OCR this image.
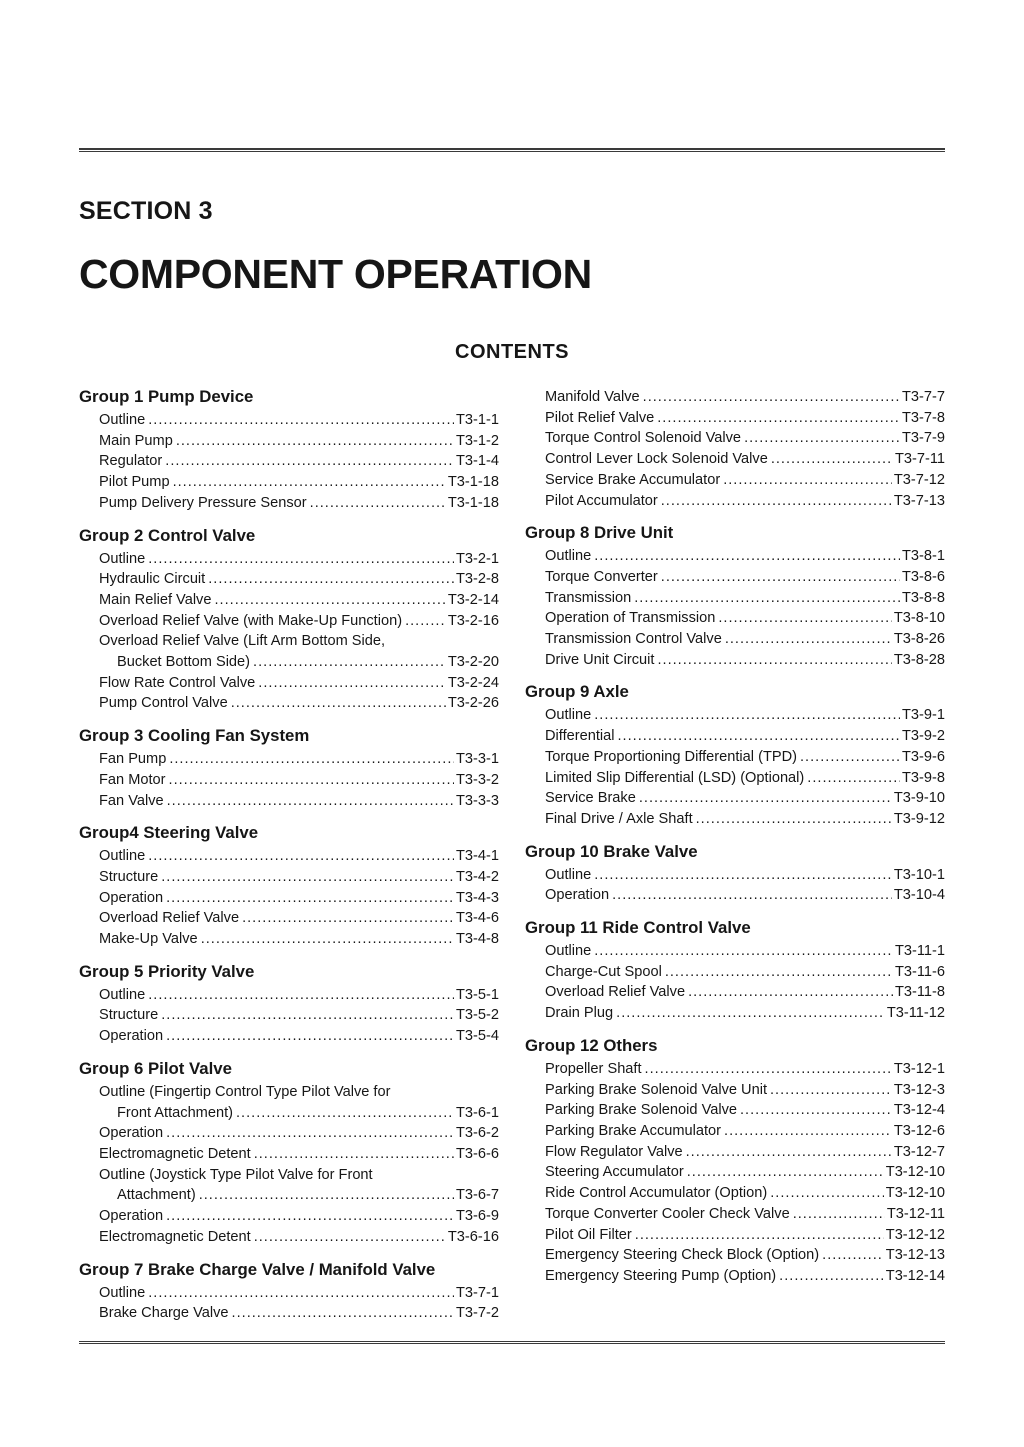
SECTION 3
COMPONENT OPERATION
CONTENTS
Group 1 Pump Device
Outline .....	T3-1-1
Main Pump .....	T3-1-2
Regulator .....	T3-1-4
Pilot Pump .....	T3-1-18
Pump Delivery Pressure Sensor .....	T3-1-18
Group 2 Control Valve
Outline .....	T3-2-1
Hydraulic Circuit .....	T3-2-8
Main Relief Valve .....	T3-2-14
Overload Relief Valve (with Make-Up Function) .....	T3-2-16
Overload Relief Valve (Lift Arm Bottom Side,
Bucket Bottom Side) .....	T3-2-20
Flow Rate Control Valve .....	T3-2-24
Pump Control Valve .....	T3-2-26
Group 3 Cooling Fan System
Fan Pump .....	T3-3-1
Fan Motor .....	T3-3-2
Fan Valve .....	T3-3-3
Group4 Steering Valve
Outline .....	T3-4-1
Structure .....	T3-4-2
Operation .....	T3-4-3
Overload Relief Valve .....	T3-4-6
Make-Up Valve .....	T3-4-8
Group 5 Priority Valve
Outline .....	T3-5-1
Structure .....	T3-5-2
Operation .....	T3-5-4
Group 6 Pilot Valve
Outline (Fingertip Control Type Pilot Valve for
Front Attachment) .....	T3-6-1
Operation .....	T3-6-2
Electromagnetic Detent .....	T3-6-6
Outline (Joystick Type Pilot Valve for Front
Attachment) .....	T3-6-7
Operation .....	T3-6-9
Electromagnetic Detent .....	T3-6-16
Group 7 Brake Charge Valve / Manifold Valve
Outline .....	T3-7-1
Brake Charge Valve .....	T3-7-2
Manifold Valve .....	T3-7-7
Pilot Relief Valve .....	T3-7-8
Torque Control Solenoid Valve .....	T3-7-9
Control Lever Lock Solenoid Valve .....	T3-7-11
Service Brake Accumulator .....	T3-7-12
Pilot Accumulator .....	T3-7-13
Group 8 Drive Unit
Outline .....	T3-8-1
Torque Converter .....	T3-8-6
Transmission .....	T3-8-8
Operation of Transmission .....	T3-8-10
Transmission Control Valve .....	T3-8-26
Drive Unit Circuit .....	T3-8-28
Group 9 Axle
Outline .....	T3-9-1
Differential .....	T3-9-2
Torque Proportioning Differential (TPD) .....	T3-9-6
Limited Slip Differential (LSD) (Optional) .....	T3-9-8
Service Brake .....	T3-9-10
Final Drive / Axle Shaft .....	T3-9-12
Group 10 Brake Valve
Outline .....	T3-10-1
Operation .....	T3-10-4
Group 11 Ride Control Valve
Outline .....	T3-11-1
Charge-Cut Spool .....	T3-11-6
Overload Relief Valve .....	T3-11-8
Drain Plug .....	T3-11-12
Group 12 Others
Propeller Shaft .....	T3-12-1
Parking Brake Solenoid Valve Unit .....	T3-12-3
Parking Brake Solenoid Valve .....	T3-12-4
Parking Brake Accumulator .....	T3-12-6
Flow Regulator Valve .....	T3-12-7
Steering Accumulator .....	T3-12-10
Ride Control Accumulator (Option) .....	T3-12-10
Torque Converter Cooler Check Valve .....	T3-12-11
Pilot Oil Filter .....	T3-12-12
Emergency Steering Check Block (Option) .....	T3-12-13
Emergency Steering Pump (Option) .....	T3-12-14
